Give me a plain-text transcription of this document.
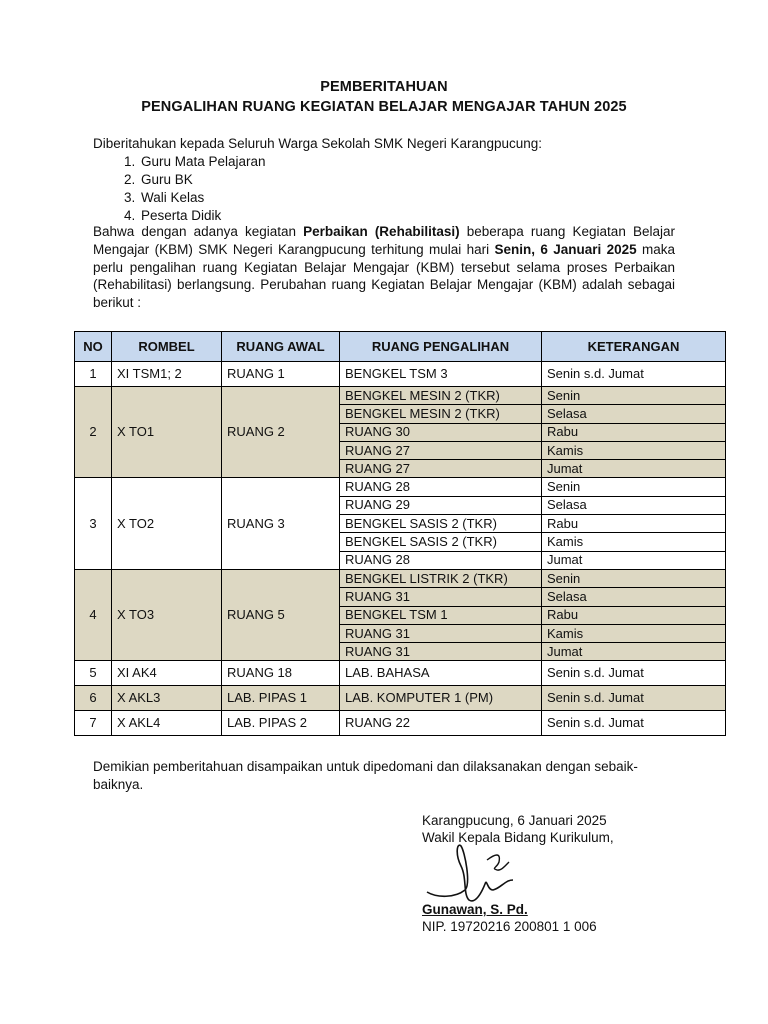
PEMBERITAHUAN
PENGALIHAN RUANG KEGIATAN BELAJAR MENGAJAR TAHUN 2025
Diberitahukan kepada Seluruh Warga Sekolah SMK Negeri Karangpucung:
1. Guru Mata Pelajaran
2. Guru BK
3. Wali Kelas
4. Peserta Didik
Bahwa dengan adanya kegiatan Perbaikan (Rehabilitasi) beberapa ruang Kegiatan Belajar Mengajar (KBM) SMK Negeri Karangpucung terhitung mulai hari Senin, 6 Januari 2025 maka perlu pengalihan ruang Kegiatan Belajar Mengajar (KBM) tersebut selama proses Perbaikan (Rehabilitasi) berlangsung. Perubahan ruang Kegiatan Belajar Mengajar (KBM) adalah sebagai berikut :
NO	ROMBEL	RUANG AWAL	RUANG PENGALIHAN	KETERANGAN
1	XI TSM1; 2	RUANG 1	BENGKEL TSM 3	Senin s.d. Jumat
2	X TO1	RUANG 2	BENGKEL MESIN 2 (TKR)	Senin
			BENGKEL MESIN 2 (TKR)	Selasa
			RUANG 30	Rabu
			RUANG 27	Kamis
			RUANG 27	Jumat
3	X TO2	RUANG 3	RUANG 28	Senin
			RUANG 29	Selasa
			BENGKEL SASIS 2 (TKR)	Rabu
			BENGKEL SASIS 2 (TKR)	Kamis
			RUANG 28	Jumat
4	X TO3	RUANG 5	BENGKEL LISTRIK 2 (TKR)	Senin
			RUANG 31	Selasa
			BENGKEL TSM 1	Rabu
			RUANG 31	Kamis
			RUANG 31	Jumat
5	XI AK4	RUANG 18	LAB. BAHASA	Senin s.d. Jumat
6	X AKL3	LAB. PIPAS 1	LAB. KOMPUTER 1 (PM)	Senin s.d. Jumat
7	X AKL4	LAB. PIPAS 2	RUANG 22	Senin s.d. Jumat
Demikian pemberitahuan disampaikan untuk dipedomani dan dilaksanakan dengan sebaik-baiknya.
Karangpucung, 6 Januari 2025
Wakil Kepala Bidang Kurikulum,
Gunawan, S. Pd.
NIP. 19720216 200801 1 006
